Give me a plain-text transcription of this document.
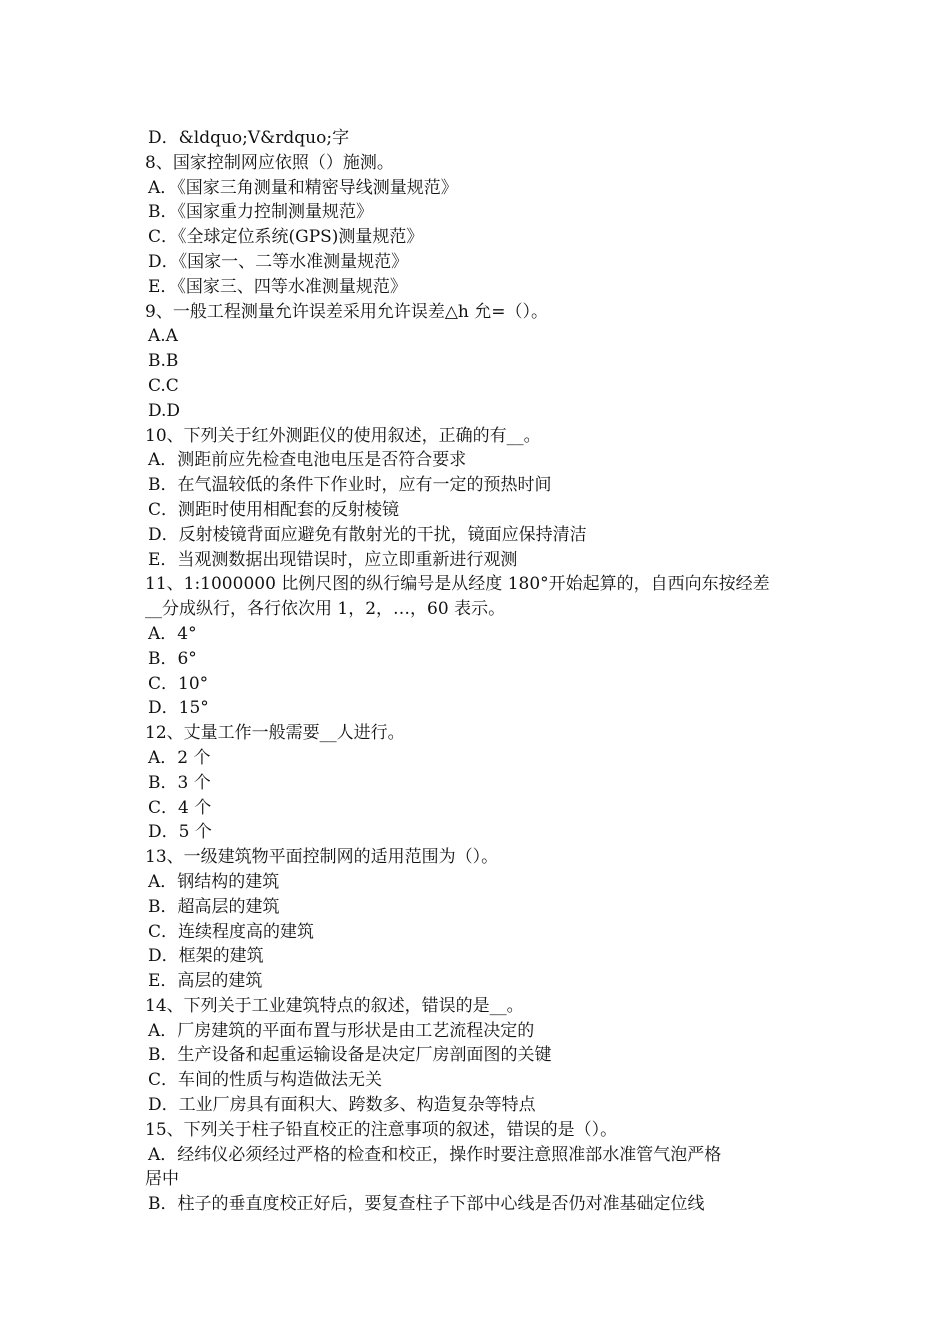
D．&ldquo;V&rdquo;字
8、国家控制网应依照（）施测。
A．《国家三角测量和精密导线测量规范》
B．《国家重力控制测量规范》
C．《全球定位系统(GPS)测量规范》
D．《国家一、二等水准测量规范》
E．《国家三、四等水准测量规范》
9、一般工程测量允许误差采用允许误差△h 允=（）。
A.A
B.B
C.C
D.D
10、下列关于红外测距仪的使用叙述，正确的有__。
A．测距前应先检查电池电压是否符合要求
B．在气温较低的条件下作业时，应有一定的预热时间
C．测距时使用相配套的反射棱镜
D．反射棱镜背面应避免有散射光的干扰，镜面应保持清洁
E．当观测数据出现错误时，应立即重新进行观测
11、1:1000000 比例尺图的纵行编号是从经度 180°开始起算的，自西向东按经差
__分成纵行，各行依次用 1，2，…，60 表示。
A．4°
B．6°
C．10°
D．15°
12、丈量工作一般需要__人进行。
A．2 个
B．3 个
C．4 个
D．5 个
13、一级建筑物平面控制网的适用范围为（）。
A．钢结构的建筑
B．超高层的建筑
C．连续程度高的建筑
D．框架的建筑
E．高层的建筑
14、下列关于工业建筑特点的叙述，错误的是__。
A．厂房建筑的平面布置与形状是由工艺流程决定的
B．生产设备和起重运输设备是决定厂房剖面图的关键
C．车间的性质与构造做法无关
D．工业厂房具有面积大、跨数多、构造复杂等特点
15、下列关于柱子铅直校正的注意事项的叙述，错误的是（）。
A．经纬仪必须经过严格的检查和校正，操作时要注意照准部水准管气泡严格
居中
B．柱子的垂直度校正好后，要复查柱子下部中心线是否仍对准基础定位线
